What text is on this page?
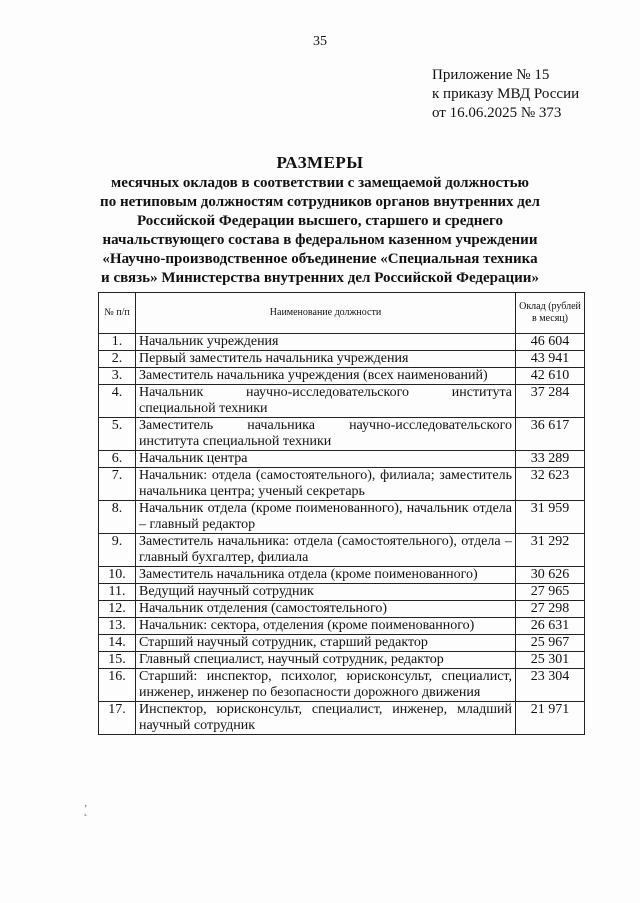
35
Приложение № 15
к приказу МВД России
от 16.06.2025 № 373
РАЗМЕРЫ
месячных окладов в соответствии с замещаемой должностью
по нетиповым должностям сотрудников органов внутренних дел
Российской Федерации высшего, старшего и среднего
начальствующего состава в федеральном казенном учреждении
«Научно-производственное объединение «Специальная техника
и связь» Министерства внутренних дел Российской Федерации»
№ п/п	Наименование должности	Оклад (рублей в месяц)
1.	Начальник учреждения	46 604
2.	Первый заместитель начальника учреждения	43 941
3.	Заместитель начальника учреждения (всех наименований)	42 610
4.	Начальник научно-исследовательского института специальной техники	37 284
5.	Заместитель начальника научно-исследовательского института специальной техники	36 617
6.	Начальник центра	33 289
7.	Начальник: отдела (самостоятельного), филиала; заместитель начальника центра; ученый секретарь	32 623
8.	Начальник отдела (кроме поименованного), начальник отдела – главный редактор	31 959
9.	Заместитель начальника: отдела (самостоятельного), отдела – главный бухгалтер, филиала	31 292
10.	Заместитель начальника отдела (кроме поименованного)	30 626
11.	Ведущий научный сотрудник	27 965
12.	Начальник отделения (самостоятельного)	27 298
13.	Начальник: сектора, отделения (кроме поименованного)	26 631
14.	Старший научный сотрудник, старший редактор	25 967
15.	Главный специалист, научный сотрудник, редактор	25 301
16.	Старший: инспектор, психолог, юрисконсульт, специалист, инженер, инженер по безопасности дорожного движения	23 304
17.	Инспектор, юрисконсульт, специалист, инженер, младший научный сотрудник	21 971
‚
˛
